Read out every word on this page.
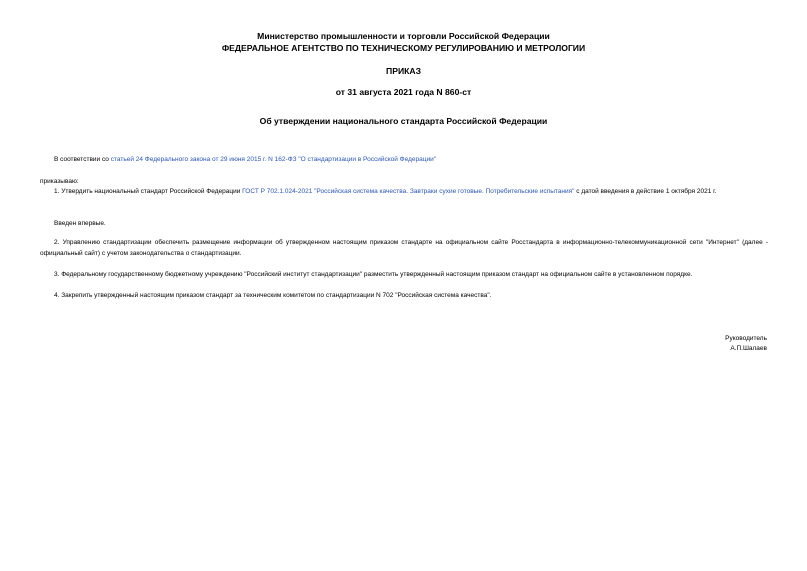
Министерство промышленности и торговли Российской Федерации
ФЕДЕРАЛЬНОЕ АГЕНТСТВО ПО ТЕХНИЧЕСКОМУ РЕГУЛИРОВАНИЮ И МЕТРОЛОГИИ
ПРИКАЗ
от 31 августа 2021 года N 860-ст
Об утверждении национального стандарта Российской Федерации
В соответствии со статьей 24 Федерального закона от 29 июня 2015 г. N 162-ФЗ "О стандартизации в Российской Федерации"
приказываю:
1. Утвердить национальный стандарт Российской Федерации ГОСТ Р 702.1.024-2021 "Российская система качества. Завтраки сухие готовые. Потребительские испытания" с датой введения в действие 1 октября 2021 г.
Введен впервые.
2. Управлению стандартизации обеспечить размещение информации об утвержденном настоящим приказом стандарте на официальном сайте Росстандарта в информационно-телекоммуникационной сети "Интернет" (далее - официальный сайт) с учетом законодательства о стандартизации.
3. Федеральному государственному бюджетному учреждению "Российский институт стандартизации" разместить утвержденный настоящим приказом стандарт на официальном сайте в установленном порядке.
4. Закрепить утвержденный настоящим приказом стандарт за техническим комитетом по стандартизации N 702 "Российская система качества".
Руководитель
А.П.Шалаев
